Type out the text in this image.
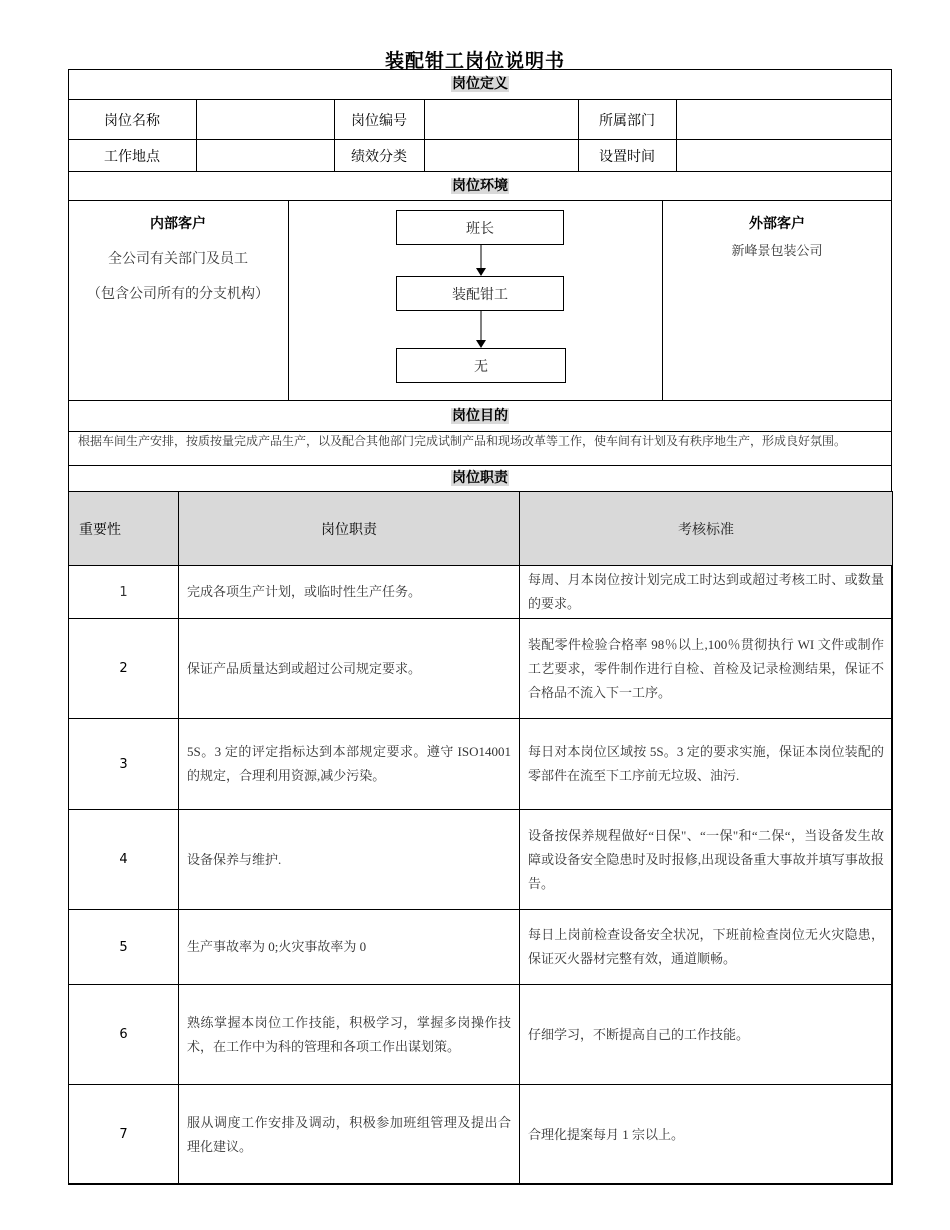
装配钳工岗位说明书
岗位定义
岗位名称	岗位编号	所属部门
工作地点	绩效分类	设置时间
岗位环境
内部客户
全公司有关部门及员工
（包含公司所有的分支机构）
班长
装配钳工
无
外部客户
新峰景包装公司
岗位目的
根据车间生产安排，按质按量完成产品生产，以及配合其他部门完成试制产品和现场改革等工作，使车间有计划及有秩序地生产，形成良好氛围。
岗位职责
重要性	岗位职责	考核标准
1	完成各项生产计划，或临时性生产任务。	每周、月本岗位按计划完成工时达到或超过考核工时、或数量的要求。
2	保证产品质量达到或超过公司规定要求。	装配零件检验合格率 98％以上,100％贯彻执行 WI 文件或制作工艺要求，零件制作进行自检、首检及记录检测结果，保证不合格品不流入下一工序。
3	5S。3 定的评定指标达到本部规定要求。遵守 ISO14001 的规定，合理利用资源,减少污染。	每日对本岗位区域按 5S。3 定的要求实施，保证本岗位装配的零部件在流至下工序前无垃圾、油污.
4	设备保养与维护.	设备按保养规程做好“日保"、“一保"和“二保“，当设备发生故障或设备安全隐患时及时报修,出现设备重大事故并填写事故报告。
5	生产事故率为 0;火灾事故率为 0	每日上岗前检查设备安全状况，下班前检查岗位无火灾隐患，保证灭火器材完整有效，通道顺畅。
6	熟练掌握本岗位工作技能，积极学习，掌握多岗操作技术，在工作中为科的管理和各项工作出谋划策。	仔细学习，不断提高自己的工作技能。
7	服从调度工作安排及调动，积极参加班组管理及提出合理化建议。	合理化提案每月 1 宗以上。
